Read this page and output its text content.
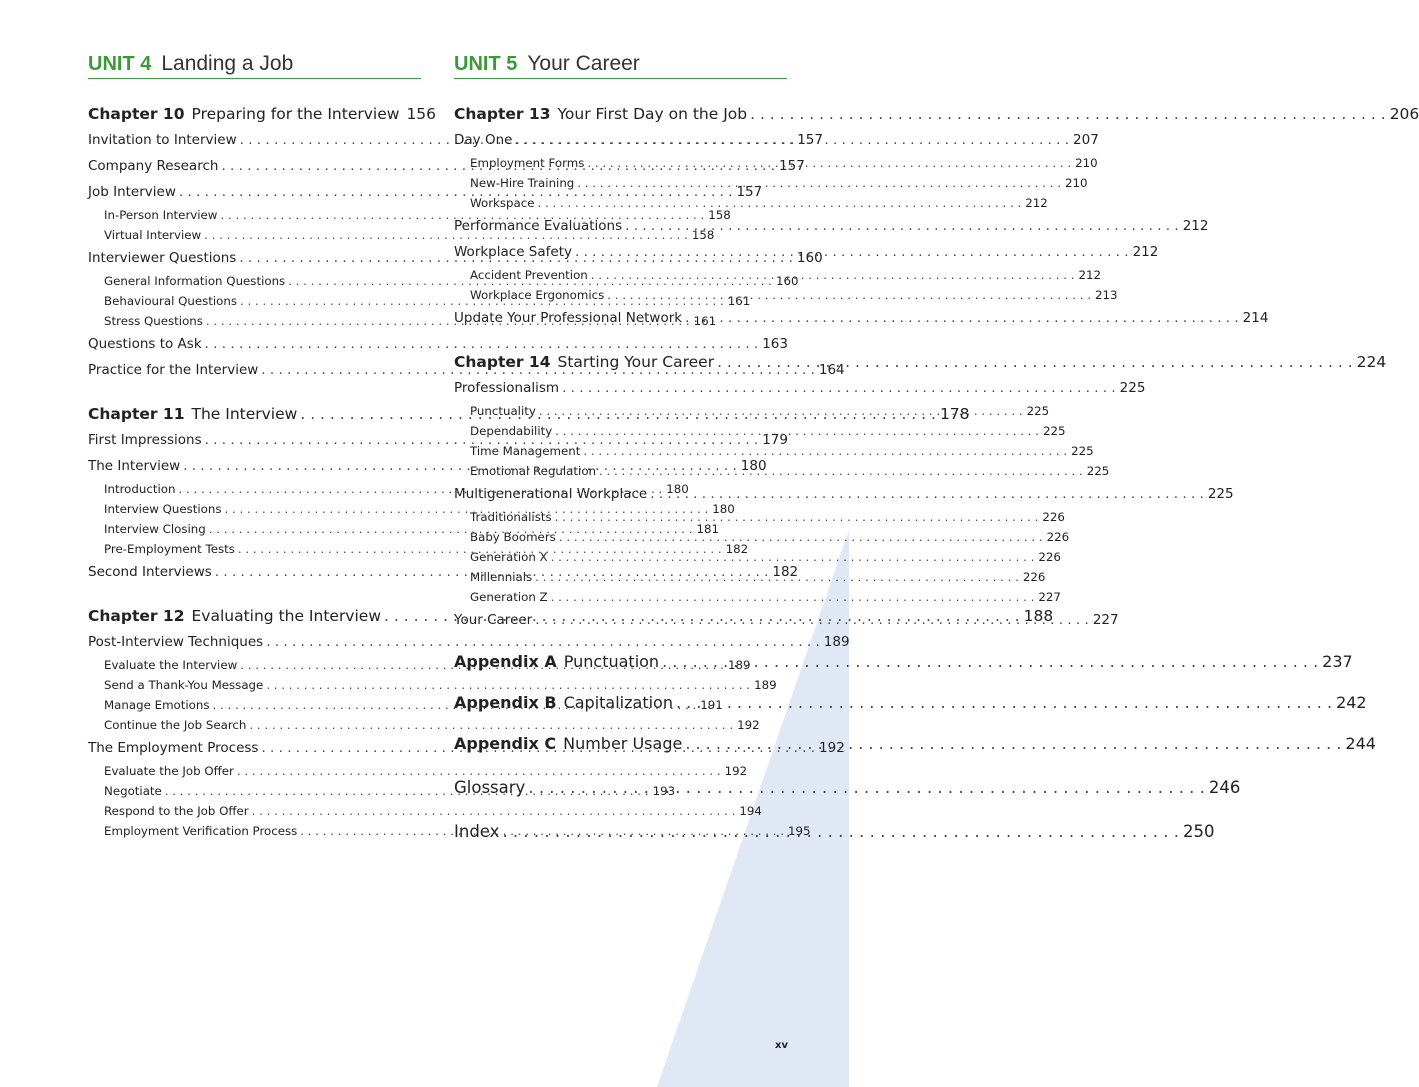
UNIT 4 Landing a Job
Chapter 10 Preparing for the Interview 156
Invitation to Interview . . .	157
Company Research . . .	157
Job Interview . . .	157
In-Person Interview . . .	158
Virtual Interview . . .	158
Interviewer Questions . . .	160
General Information Questions . . .	160
Behavioural Questions . . .	161
Stress Questions . . .	161
Questions to Ask . . .	163
Practice for the Interview . . .	164
Chapter 11 The Interview . . .	178
First Impressions . . .	179
The Interview . . .	180
Introduction . . .	180
Interview Questions . . .	180
Interview Closing . . .	181
Pre-Employment Tests . . .	182
Second Interviews . . .	182
Chapter 12 Evaluating the Interview . . .	188
Post-Interview Techniques . . .	189
Evaluate the Interview . . .	189
Send a Thank-You Message . . .	189
Manage Emotions . . .	191
Continue the Job Search . . .	192
The Employment Process . . .	192
Evaluate the Job Offer . . .	192
Negotiate . . .	193
Respond to the Job Offer . . .	194
Employment Verification Process . . .	195
UNIT 5 Your Career
Chapter 13 Your First Day on the Job . . .	206
Day One . . .	207
Employment Forms . . .	210
New-Hire Training . . .	210
Workspace . . .	212
Performance Evaluations . . .	212
Workplace Safety . . .	212
Accident Prevention . . .	212
Workplace Ergonomics . . .	213
Update Your Professional Network . . .	214
Chapter 14 Starting Your Career . . .	224
Professionalism . . .	225
Punctuality . . .	225
Dependability . . .	225
Time Management . . .	225
Emotional Regulation . . .	225
Multigenerational Workplace . . .	225
Traditionalists . . .	226
Baby Boomers . . .	226
Generation X . . .	226
Millennials . . .	226
Generation Z . . .	227
Your Career . . .	227
Appendix A Punctuation . . .	237
Appendix B Capitalization . . .	242
Appendix C Number Usage . . .	244
Glossary . . .	246
Index . . .	250
xv
